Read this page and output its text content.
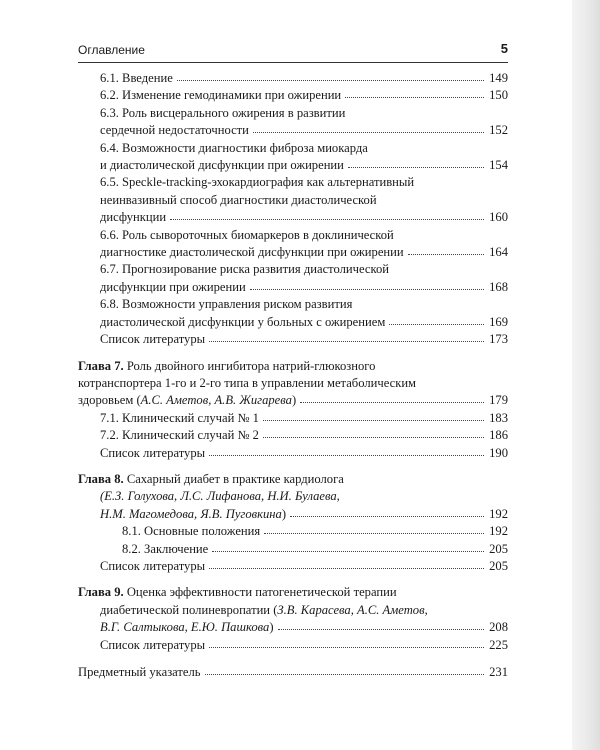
Оглавление	5
6.1. Введение	149
6.2. Изменение гемодинамики при ожирении	150
6.3. Роль висцерального ожирения в развитии
сердечной недостаточности	152
6.4. Возможности диагностики фиброза миокарда
и диастолической дисфункции при ожирении	154
6.5. Speckle-tracking-эхокардиография как альтернативный
неинвазивный способ диагностики диастолической
дисфункции	160
6.6. Роль сывороточных биомаркеров в доклинической
диагностике диастолической дисфункции при ожирении	164
6.7. Прогнозирование риска развития диастолической
дисфункции при ожирении	168
6.8. Возможности управления риском развития
диастолической дисфункции у больных с ожирением	169
Список литературы	173
Глава 7. Роль двойного ингибитора натрий-глюкозного
котранспортера 1-го и 2-го типа в управлении метаболическим
здоровьем (А.С. Аметов, А.В. Жигарева)	179
7.1. Клинический случай № 1	183
7.2. Клинический случай № 2	186
Список литературы	190
Глава 8. Сахарный диабет в практике кардиолога
(Е.З. Голухова, Л.С. Лифанова, Н.И. Булаева,
Н.М. Магомедова, Я.В. Пуговкина)	192
8.1. Основные положения	192
8.2. Заключение	205
Список литературы	205
Глава 9. Оценка эффективности патогенетической терапии
диабетической полиневропатии (З.В. Карасева, А.С. Аметов,
В.Г. Салтыкова, Е.Ю. Пашкова)	208
Список литературы	225
Предметный указатель	231
